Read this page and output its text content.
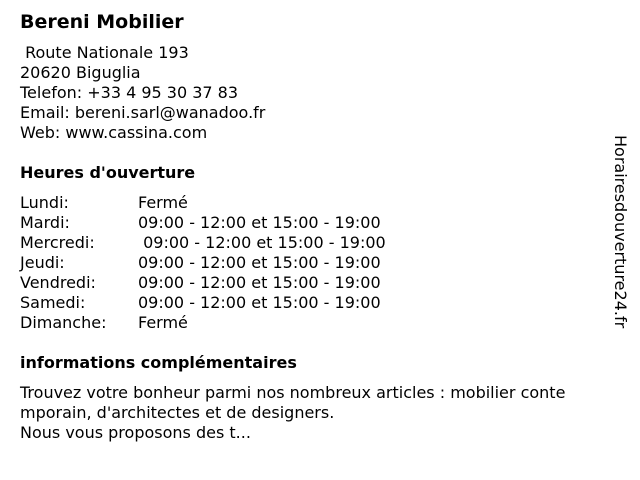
Bereni Mobilier
Route Nationale 193
20620 Biguglia
Telefon: +33 4 95 30 37 83
Email: bereni.sarl@wanadoo.fr
Web: www.cassina.com
Heures d'ouverture
Lundi:	Fermé
Mardi:	09:00 - 12:00 et 15:00 - 19:00
Mercredi:	09:00 - 12:00 et 15:00 - 19:00
Jeudi:	09:00 - 12:00 et 15:00 - 19:00
Vendredi:	09:00 - 12:00 et 15:00 - 19:00
Samedi:	09:00 - 12:00 et 15:00 - 19:00
Dimanche:	Fermé
informations complémentaires
Trouvez votre bonheur parmi nos nombreux articles : mobilier conte
mporain, d'architectes et de designers.
Nous vous proposons des t...
Horairesdouverture24.fr
